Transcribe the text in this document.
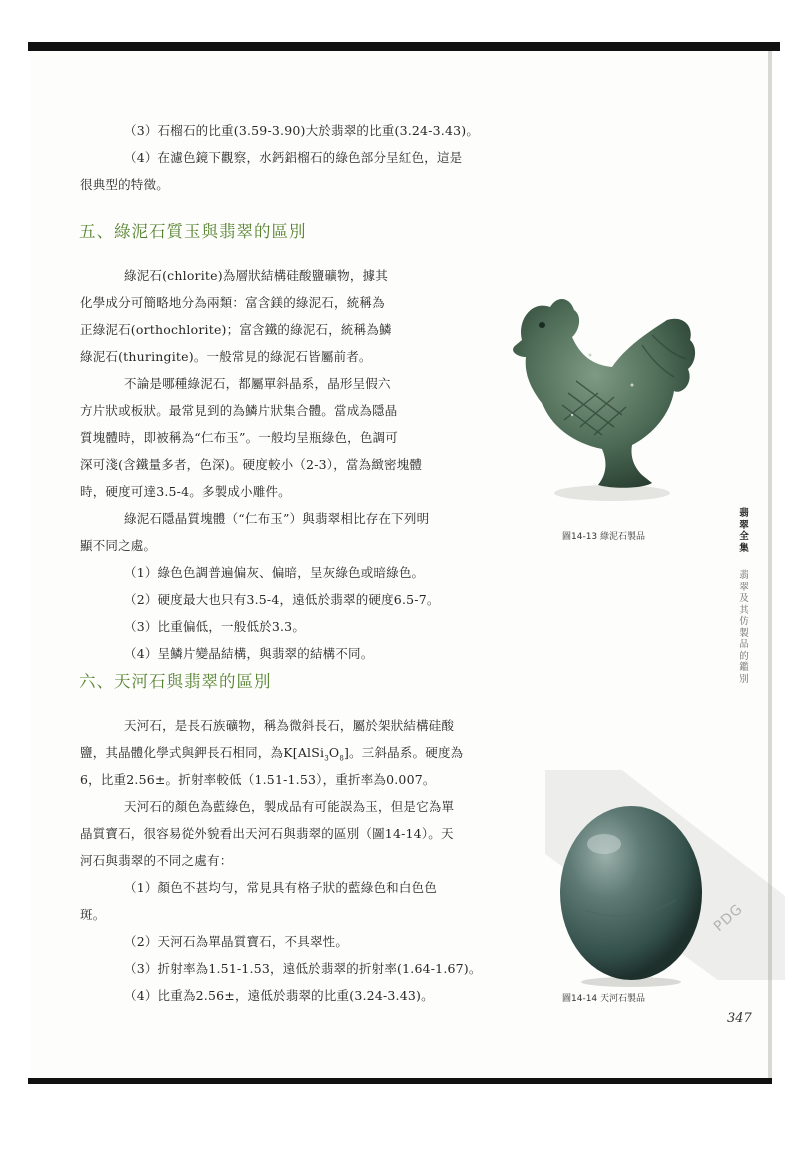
（3）石榴石的比重(3.59-3.90)大於翡翠的比重(3.24-3.43)。
（4）在濾色鏡下觀察，水鈣鋁榴石的綠色部分呈紅色，這是
很典型的特徵。
五、綠泥石質玉與翡翠的區別
綠泥石(chlorite)為層狀結構硅酸鹽礦物，據其
化學成分可簡略地分為兩類：富含鎂的綠泥石，統稱為
正綠泥石(orthochlorite)；富含鐵的綠泥石，統稱為鱗
綠泥石(thuringite)。一般常見的綠泥石皆屬前者。
不論是哪種綠泥石，都屬單斜晶系，晶形呈假六
方片狀或板狀。最常見到的為鱗片狀集合體。當成為隱晶
質塊體時，即被稱為“仁布玉”。一般均呈瓶綠色，色調可
深可淺(含鐵量多者，色深)。硬度較小（2-3），當為緻密塊體
時，硬度可達3.5-4。多製成小雕件。
綠泥石隱晶質塊體（“仁布玉”）與翡翠相比存在下列明
顯不同之處。
（1）綠色色調普遍偏灰、偏暗，呈灰綠色或暗綠色。
（2）硬度最大也只有3.5-4，遠低於翡翠的硬度6.5-7。
（3）比重偏低，一般低於3.3。
（4）呈鱗片變晶結構，與翡翠的結構不同。
圖14-13 綠泥石製品
翡翠全集
翡翠及其仿製品的鑑別
六、天河石與翡翠的區別
天河石，是長石族礦物，稱為微斜長石，屬於架狀結構硅酸
鹽，其晶體化學式與鉀長石相同，為$K[AlSi_3O_8]$。三斜晶系。硬度為
6，比重2.56±。折射率較低（1.51-1.53），重折率為0.007。
天河石的顏色為藍綠色，製成品有可能誤為玉，但是它為單
晶質寶石，很容易從外貌看出天河石與翡翠的區別（圖14-14）。天
河石與翡翠的不同之處有：
（1）顏色不甚均勻，常見具有格子狀的藍綠色和白色色
斑。
（2）天河石為單晶質寶石，不具翠性。
（3）折射率為1.51-1.53，遠低於翡翠的折射率(1.64-1.67)。
（4）比重為2.56±，遠低於翡翠的比重(3.24-3.43)。
PDG
圖14-14 天河石製品
347
